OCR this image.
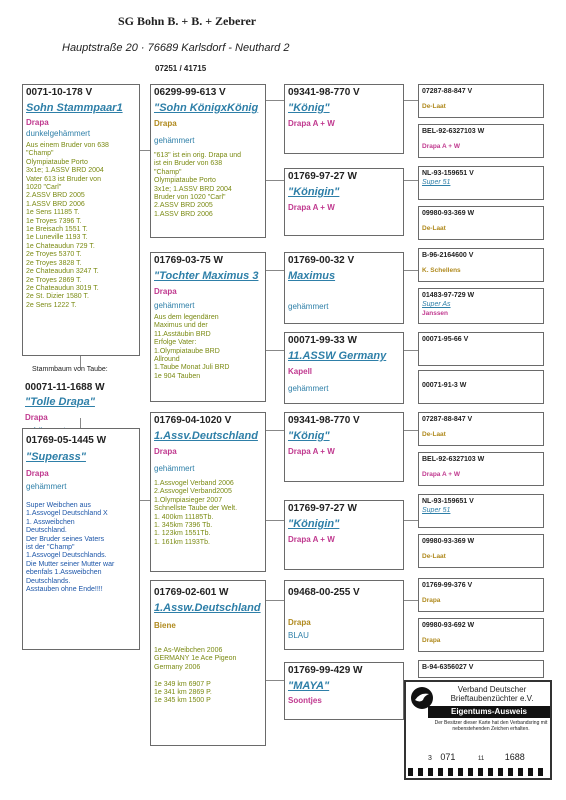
SG Bohn B. + B. + Zeberer
Hauptstraße 20 · 76689 Karlsdorf - Neuthard 2
07251 / 41715
0071-10-178 V
Sohn Stammpaar1
Drapa
dunkelgehämmert
Aus einem Bruder von 638
"Champ"
Olympiataube Porto
3x1e; 1.ASSV BRD 2004
Vater 613 ist Bruder von
1020 "Carl"
2.ASSV BRD 2005
1.ASSV BRD 2006
1e Sens 11185 T.
1e Troyes 7396 T.
1e Breisach 1551 T.
1e Luneville 1193 T.
1e Chateaudun 729 T.
2e Troyes 5370 T.
2e Troyes 3828 T.
2e Chateaudun 3247 T.
2e Troyes 2869 T.
2e Chateaudun 3019 T.
2e St. Dizier 1580 T.
2e Sens 1222 T.
Stammbaum von Taube:
00071-11-1688 W
"Tolle Drapa"
Drapa
01769-05-1445 W
"Superass"
Drapa
gehämmert
Super Weibchen aus
1.Assvogel Deutschland X
1. Assweibchen
Deutschland.
Der Bruder seines Vaters
ist der "Champ"
1.Assvogel Deutschlands.
Die Mutter seiner Mutter war
ebenfals 1.Assweibchen
Deutschlands.
Asstauben ohne Ende!!!!
06299-99-613 V
"Sohn KönigxKönig
Drapa
gehämmert
"613" ist ein orig. Drapa und
ist ein Bruder von 638
"Champ"
Olympiataube Porto
3x1e; 1.ASSV BRD 2004
Bruder von 1020 "Carl"
2.ASSV BRD 2005
1.ASSV BRD 2006
01769-03-75 W
"Tochter Maximus 3
Drapa
gehämmert
Aus dem legendären
Maximus und der
11.Asstäubin BRD
Erfolge Vater:
1.Olympiataube BRD
Allround
1.Taube Monat Juli BRD
1e 904 Tauben
01769-04-1020 V
1.Assv.Deutschland
Drapa
gehämmert
1.Assvogel Verband 2006
2.Assvogel Verband2005
1.Olympiasieger 2007
Schnellste Taube der Welt.
1. 400km 11185Tb.
1. 345km 7396 Tb.
1. 123km 1551Tb.
1. 161km 1193Tb.
01769-02-601 W
1.Assw.Deutschland
Biene
1e As-Weibchen 2006
GERMANY 1e Ace Pigeon
Germany 2006

1e 349 km 6907 P
1e 341 km 2869 P.
1e 345 km 1500 P
09341-98-770 V
"König"
Drapa A + W
01769-97-27 W
"Königin"
Drapa A + W
01769-00-32 V
Maximus
gehämmert
00071-99-33 W
11.ASSW Germany
Kapell
gehämmert
09341-98-770 V
"König"
Drapa A + W
01769-97-27 W
"Königin"
Drapa A + W
09468-00-255 V
Drapa
BLAU
01769-99-429 W
"MAYA"
Soontjes
07287-88-847 V
De-Laat
BEL-92-6327103 W
Drapa A + W
NL-93-159651 V
Super 51
09980-93-369 W
De-Laat
B-96-2164600 V
K. Schellens
01483-97-729 W
Super As
Janssen
00071-95-66 V
00071-91-3 W
07287-88-847 V
De-Laat
BEL-92-6327103 W
Drapa A + W
NL-93-159651 V
Super 51
09980-93-369 W
De-Laat
01769-99-376 V
Drapa
09980-93-692 W
Drapa
B-94-6356027 V
Verband Deutscher
Brieftaubenzüchter e.V.
Eigentums-Ausweis
Der Besitzer dieser Karte hat den Verbandsring mit nebenstehenden Zeichen erhalten.
3 071	11 1688
